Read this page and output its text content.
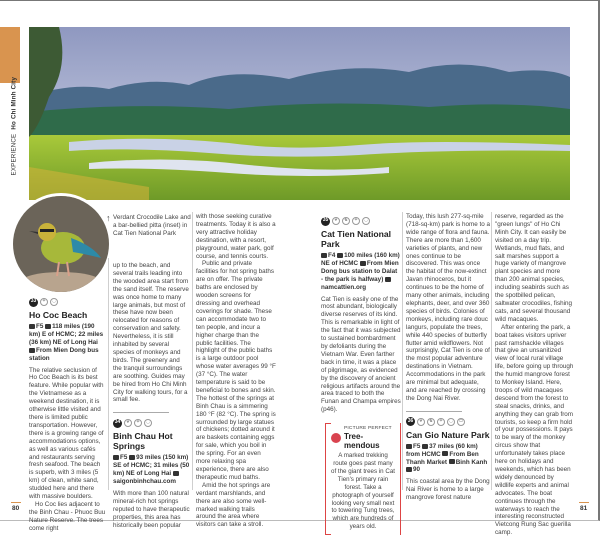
EXPERIENCEHo Chi Minh City
↑ Verdant Crocodile Lake and a bar-bellied pitta (inset) in Cat Tien National Park
33	✦	◡
Ho Coc Beach
F5 118 miles (190 km) E of HCMC; 22 miles (36 km) NE of Long Hai From Mien Dong bus station

The relative seclusion of Ho Coc Beach is its best feature. While popular with the Vietnamese as a weekend destination, it is otherwise little visited and there is limited public transportation. However, there is a growing range of accommodations options, as well as various cafés and restaurants serving fresh seafood. The beach is superb, with 3 miles (5 km) of clean, white sand, studded here and there with massive boulders.

Ho Coc lies adjacent to the Binh Chau - Phuoc Buu Nature Reserve. The trees come right

up to the beach, and several trails leading into the wooded area start from the sand itself. The reserve was once home to many large animals, but most of these have now been relocated for reasons of conservation and safety. Nevertheless, it is still inhabited by several species of monkeys and birds. The greenery and the tranquil surroundings are soothing. Guides may be hired from Ho Chi Minh City for walking tours, for a small fee.

34	❦	✦	◡
Binh Chau Hot Springs
F5 93 miles (150 km) SE of HCMC; 31 miles (50 km) NE of Long Hai saigonbinhchau.com

With more than 100 natural mineral-rich hot springs reputed to have therapeutic properties, this area has historically been popular

with those seeking curative treatments. Today it is also a very attractive holiday destination, with a resort, playground, water park, golf course, and tennis courts.

Public and private facilities for hot spring baths are on offer. The private baths are enclosed by wooden screens for dressing and overhead coverings for shade. These can accommodate two to ten people, and incur a higher charge than the public facilities. The highlight of the public baths is a large outdoor pool whose water averages 99 °F (37 °C). The water temperature is said to be beneficial to bones and skin. The hottest of the springs at Binh Chau is a simmering 180 °F (82 °C). The spring is surrounded by large statues of chickens; dotted around it are baskets containing eggs for sale, which you boil in the spring. For an even more relaxing spa experience, there are also therapeutic mud baths.

Amid the hot springs are verdant marshlands, and there are also some well-marked walking trails around the area where visitors can take a stroll.

35	❦	♞	✦	◡
Cat Tien National Park
F4 100 miles (160 km) NE of HCMC From Mien Dong bus station to Dalat - the park is halfway) namcattien.org

Cat Tien is easily one of the most abundant, biologically diverse reserves of its kind. This is remarkable in light of the fact that it was subjected to sustained bombardment by defoliants during the Vietnam War. Even farther back in time, it was a place of pilgrimage, as evidenced by the discovery of ancient religious artifacts around the area traced to both the Funan and Champa empires (p46).

PICTURE PERFECT
Tree-mendous
A marked trekking route goes past many of the giant trees in Cat Tien's primary rain forest. Take a photograph of yourself looking very small next to towering Tung trees, which are hundreds of years old.

Today, this lush 277-sq-mile (718-sq-km) park is home to a wide range of flora and fauna. There are more than 1,600 varieties of plants, and new ones continue to be discovered. This was once the habitat of the now-extinct Javan rhinoceros, but it continues to be the home of many other animals, including elephants, deer, and over 360 species of birds. Colonies of monkeys, including rare douc langurs, populate the trees, while 440 species of butterfly flutter amid wildflowers. Not surprisingly, Cat Tien is one of the most popular adventure destinations in Vietnam. Accommodations in the park are minimal but adequate, and are reached by crossing the Dong Nai River.

36	❦	♞	✦	◡	◘
Can Gio Nature Park
F5 37 miles (60 km) from HCMC From Ben Thanh Market Binh Kanh 90

This coastal area by the Dong Nai River is home to a large mangrove forest nature

reserve, regarded as the "green lungs" of Ho Chi Minh City. It can easily be visited on a day trip. Wetlands, mud flats, and salt marshes support a huge variety of mangrove plant species and more than 200 animal species, including seabirds such as the spotbilled pelican, saltwater crocodiles, fishing cats, and several thousand wild macaques.

After entering the park, a boat takes visitors upriver past ramshackle villages that give an unsanitized view of local rural village life, before going up through the humid mangrove forest to Monkey Island. Here, troops of wild macaques descend from the forest to steal snacks, drinks, and anything they can grab from tourists, so keep a firm hold of your possessions. It pays to be wary of the monkey circus show that unfortunately takes place here on holidays and weekends, which has been widely denounced by wildlife experts and animal advocates. The boat continues through the waterways to reach the interesting reconstructed Vietcong Rung Sac guerilla camp.

80	81
